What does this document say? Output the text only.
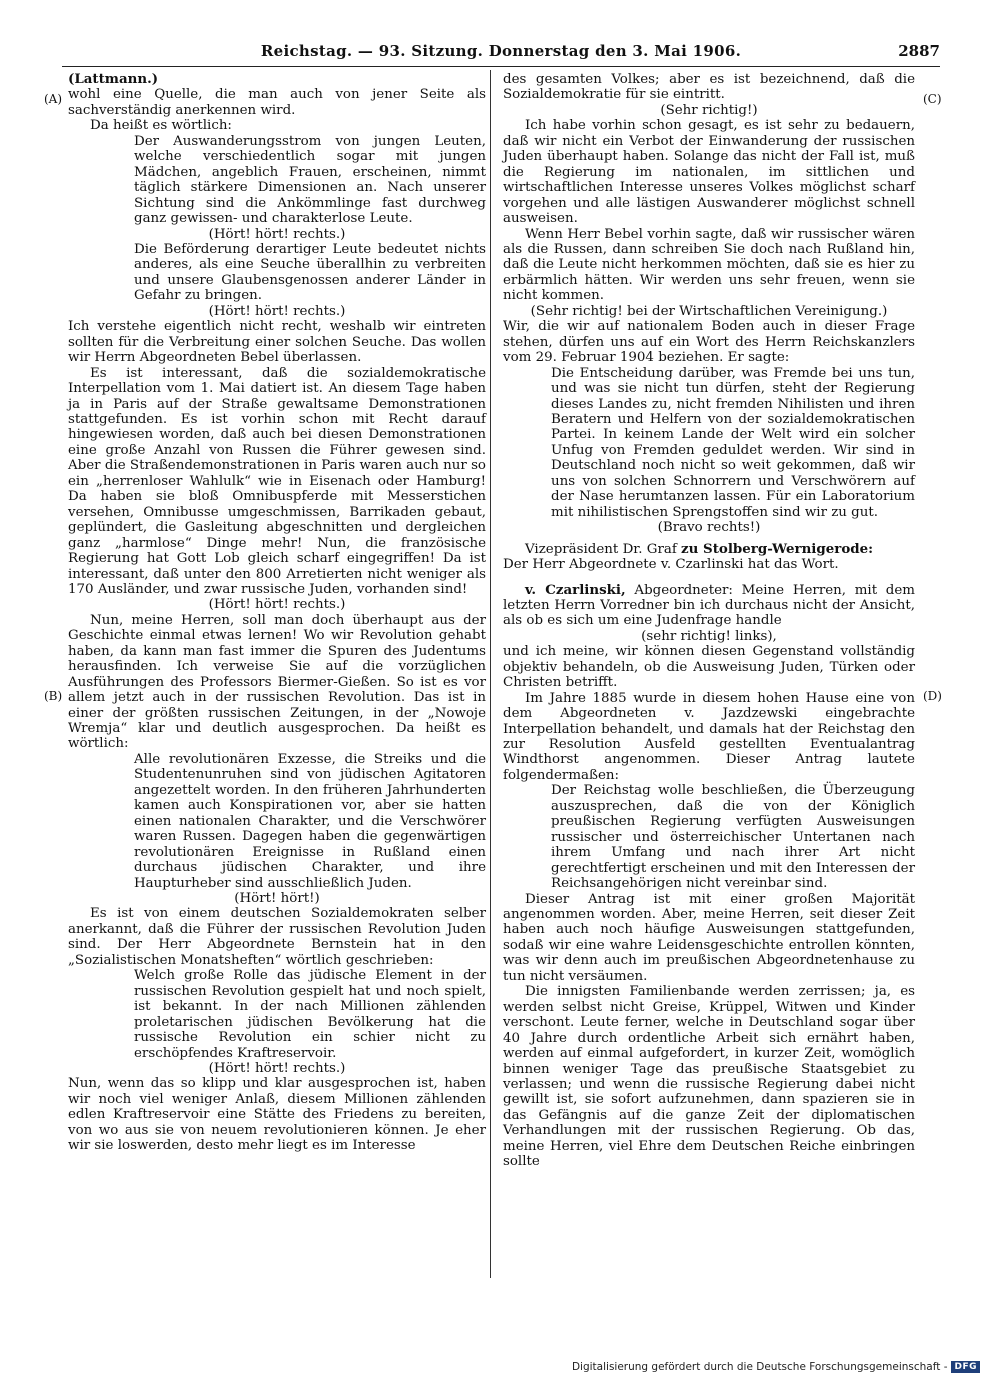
Reichstag. — 93. Sitzung. Donnerstag den 3. Mai 1906.	2887
(A)
(B)
(C)
(D)

(Lattmann.)

wohl eine Quelle, die man auch von jener Seite als sachverständig anerkennen wird.

Da heißt es wörtlich:

Der Auswanderungsstrom von jungen Leuten, welche verschiedentlich sogar mit jungen Mädchen, angeblich Frauen, erscheinen, nimmt täglich stärkere Dimensionen an. Nach unserer Sichtung sind die Ankömmlinge fast durchweg ganz gewissen- und charakterlose Leute.

(Hört! hört! rechts.)

Die Beförderung derartiger Leute bedeutet nichts anderes, als eine Seuche überallhin zu verbreiten und unsere Glaubensgenossen anderer Länder in Gefahr zu bringen.

(Hört! hört! rechts.)

Ich verstehe eigentlich nicht recht, weshalb wir eintreten sollten für die Verbreitung einer solchen Seuche. Das wollen wir Herrn Abgeordneten Bebel überlassen.

Es ist interessant, daß die sozialdemokratische Interpellation vom 1. Mai datiert ist. An diesem Tage haben ja in Paris auf der Straße gewaltsame Demonstrationen stattgefunden. Es ist vorhin schon mit Recht darauf hingewiesen worden, daß auch bei diesen Demonstrationen eine große Anzahl von Russen die Führer gewesen sind. Aber die Straßendemonstrationen in Paris waren auch nur so ein „herrenloser Wahlulk“ wie in Eisenach oder Hamburg! Da haben sie bloß Omnibuspferde mit Messerstichen versehen, Omnibusse umgeschmissen, Barrikaden gebaut, geplündert, die Gasleitung abgeschnitten und dergleichen ganz „harmlose“ Dinge mehr! Nun, die französische Regierung hat Gott Lob gleich scharf eingegriffen! Da ist interessant, daß unter den 800 Arretierten nicht weniger als 170 Ausländer, und zwar russische Juden, vorhanden sind!

(Hört! hört! rechts.)

Nun, meine Herren, soll man doch überhaupt aus der Geschichte einmal etwas lernen! Wo wir Revolution gehabt haben, da kann man fast immer die Spuren des Judentums herausfinden. Ich verweise Sie auf die vorzüglichen Ausführungen des Professors Biermer-Gießen. So ist es vor allem jetzt auch in der russischen Revolution. Das ist in einer der größten russischen Zeitungen, in der „Nowoje Wremja“ klar und deutlich ausgesprochen. Da heißt es wörtlich:

Alle revolutionären Exzesse, die Streiks und die Studentenunruhen sind von jüdischen Agitatoren angezettelt worden. In den früheren Jahrhunderten kamen auch Konspirationen vor, aber sie hatten einen nationalen Charakter, und die Verschwörer waren Russen. Dagegen haben die gegenwärtigen revolutionären Ereignisse in Rußland einen durchaus jüdischen Charakter, und ihre Haupturheber sind ausschließlich Juden.

(Hört! hört!)

Es ist von einem deutschen Sozialdemokraten selber anerkannt, daß die Führer der russischen Revolution Juden sind. Der Herr Abgeordnete Bernstein hat in den „Sozialistischen Monatsheften“ wörtlich geschrieben:

Welch große Rolle das jüdische Element in der russischen Revolution gespielt hat und noch spielt, ist bekannt. In der nach Millionen zählenden proletarischen jüdischen Bevölkerung hat die russische Revolution ein schier nicht zu erschöpfendes Kraftreservoir.

(Hört! hört! rechts.)

Nun, wenn das so klipp und klar ausgesprochen ist, haben wir noch viel weniger Anlaß, diesem Millionen zählenden edlen Kraftreservoir eine Stätte des Friedens zu bereiten, von wo aus sie von neuem revolutionieren können. Je eher wir sie loswerden, desto mehr liegt es im Interesse

des gesamten Volkes; aber es ist bezeichnend, daß die Sozialdemokratie für sie eintritt.

(Sehr richtig!)

Ich habe vorhin schon gesagt, es ist sehr zu bedauern, daß wir nicht ein Verbot der Einwanderung der russischen Juden überhaupt haben. Solange das nicht der Fall ist, muß die Regierung im nationalen, im sittlichen und wirtschaftlichen Interesse unseres Volkes möglichst scharf vorgehen und alle lästigen Auswanderer möglichst schnell ausweisen.

Wenn Herr Bebel vorhin sagte, daß wir russischer wären als die Russen, dann schreiben Sie doch nach Rußland hin, daß die Leute nicht herkommen möchten, daß sie es hier zu erbärmlich hätten. Wir werden uns sehr freuen, wenn sie nicht kommen.

(Sehr richtig! bei der Wirtschaftlichen Vereinigung.)

Wir, die wir auf nationalem Boden auch in dieser Frage stehen, dürfen uns auf ein Wort des Herrn Reichskanzlers vom 29. Februar 1904 beziehen. Er sagte:

Die Entscheidung darüber, was Fremde bei uns tun, und was sie nicht tun dürfen, steht der Regierung dieses Landes zu, nicht fremden Nihilisten und ihren Beratern und Helfern von der sozialdemokratischen Partei. In keinem Lande der Welt wird ein solcher Unfug von Fremden geduldet werden. Wir sind in Deutschland noch nicht so weit gekommen, daß wir uns von solchen Schnorrern und Verschwörern auf der Nase herumtanzen lassen. Für ein Laboratorium mit nihilistischen Sprengstoffen sind wir zu gut.

(Bravo rechts!)

Vizepräsident Dr. Graf zu Stolberg-Wernigerode:

Der Herr Abgeordnete v. Czarlinski hat das Wort.

v. Czarlinski, Abgeordneter: Meine Herren, mit dem letzten Herrn Vorredner bin ich durchaus nicht der Ansicht, als ob es sich um eine Judenfrage handle

(sehr richtig! links),

und ich meine, wir können diesen Gegenstand vollständig objektiv behandeln, ob die Ausweisung Juden, Türken oder Christen betrifft.

Im Jahre 1885 wurde in diesem hohen Hause eine von dem Abgeordneten v. Jazdzewski eingebrachte Interpellation behandelt, und damals hat der Reichstag den zur Resolution Ausfeld gestellten Eventualantrag Windthorst angenommen. Dieser Antrag lautete folgendermaßen:

Der Reichstag wolle beschließen, die Überzeugung auszusprechen, daß die von der Königlich preußischen Regierung verfügten Ausweisungen russischer und österreichischer Untertanen nach ihrem Umfang und nach ihrer Art nicht gerechtfertigt erscheinen und mit den Interessen der Reichsangehörigen nicht vereinbar sind.

Dieser Antrag ist mit einer großen Majorität angenommen worden. Aber, meine Herren, seit dieser Zeit haben auch noch häufige Ausweisungen stattgefunden, sodaß wir eine wahre Leidensgeschichte entrollen könnten, was wir denn auch im preußischen Abgeordnetenhause zu tun nicht versäumen.

Die innigsten Familienbande werden zerrissen; ja, es werden selbst nicht Greise, Krüppel, Witwen und Kinder verschont. Leute ferner, welche in Deutschland sogar über 40 Jahre durch ordentliche Arbeit sich ernährt haben, werden auf einmal aufgefordert, in kurzer Zeit, womöglich binnen weniger Tage das preußische Staatsgebiet zu verlassen; und wenn die russische Regierung dabei nicht gewillt ist, sie sofort aufzunehmen, dann spazieren sie in das Gefängnis auf die ganze Zeit der diplomatischen Verhandlungen mit der russischen Regierung. Ob das, meine Herren, viel Ehre dem Deutschen Reiche einbringen sollte

Digitalisierung gefördert durch die Deutsche Forschungsgemeinschaft - DFG
